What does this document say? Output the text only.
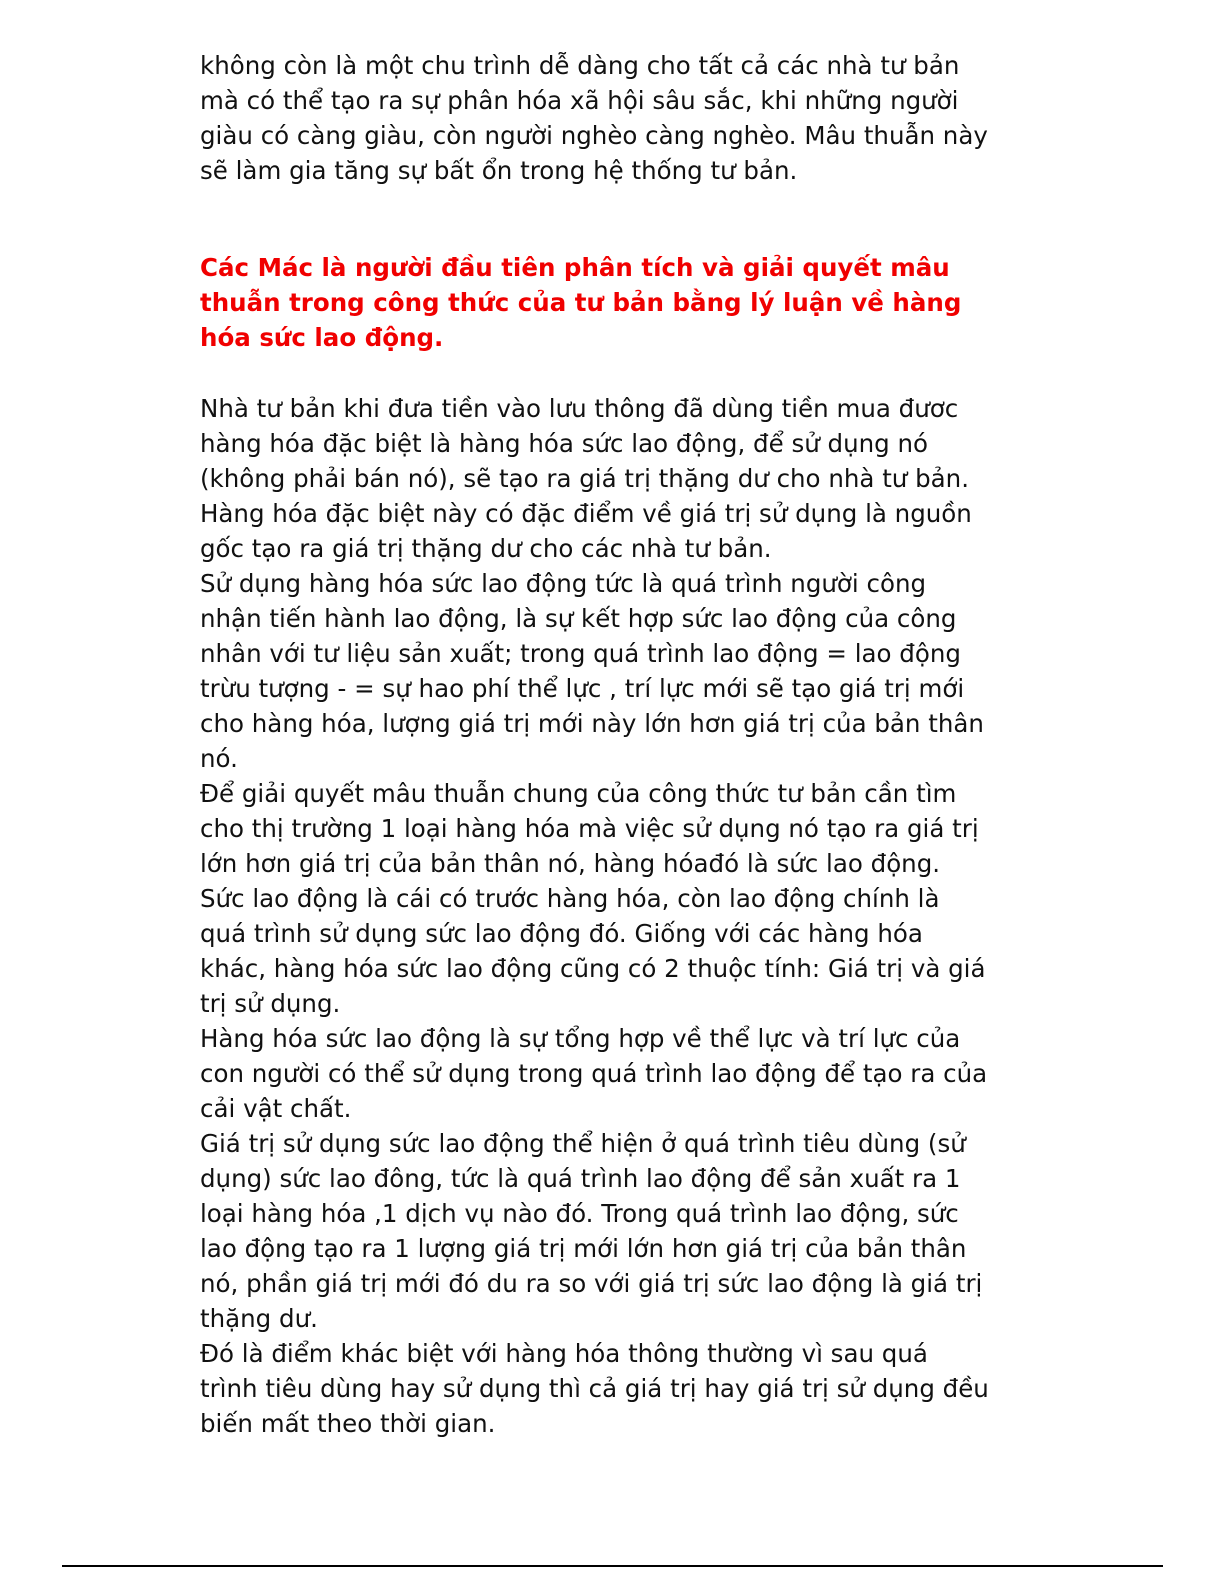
không còn là một chu trình dễ dàng cho tất cả các nhà tư bản
mà có thể tạo ra sự phân hóa xã hội sâu sắc, khi những người
giàu có càng giàu, còn người nghèo càng nghèo. Mâu thuẫn này
sẽ làm gia tăng sự bất ổn trong hệ thống tư bản.

Các Mác là người đầu tiên phân tích và giải quyết mâu
thuẫn trong công thức của tư bản bằng lý luận về hàng
hóa sức lao động.

Nhà tư bản khi đưa tiền vào lưu thông đã dùng tiền mua đươc
hàng hóa đặc biệt là hàng hóa sức lao động, để sử dụng nó
(không phải bán nó), sẽ tạo ra giá trị thặng dư cho nhà tư bản.
Hàng hóa đặc biệt này có đặc điểm về giá trị sử dụng là nguồn
gốc tạo ra giá trị thặng dư cho các nhà tư bản.
Sử dụng hàng hóa sức lao động tức là quá trình người công
nhận tiến hành lao động, là sự kết hợp sức lao động của công
nhân với tư liệu sản xuất; trong quá trình lao động = lao động
trừu tượng - = sự hao phí thể lực , trí lực mới sẽ tạo giá trị mới
cho hàng hóa, lượng giá trị mới này lớn hơn giá trị của bản thân
nó.
Để giải quyết mâu thuẫn chung của công thức tư bản cần tìm
cho thị trường 1 loại hàng hóa mà việc sử dụng nó tạo ra giá trị
lớn hơn giá trị của bản thân nó, hàng hóađó là sức lao động.
Sức lao động là cái có trước hàng hóa, còn lao động chính là
quá trình sử dụng sức lao động đó. Giống với các hàng hóa
khác, hàng hóa sức lao động cũng có 2 thuộc tính: Giá trị và giá
trị sử dụng.
Hàng hóa sức lao động là sự tổng hợp về thể lực và trí lực của
con người có thể sử dụng trong quá trình lao động để tạo ra của
cải vật chất.
Giá trị sử dụng sức lao động thể hiện ở quá trình tiêu dùng (sử
dụng) sức lao đông, tức là quá trình lao động để sản xuất ra 1
loại hàng hóa ,1 dịch vụ nào đó. Trong quá trình lao động, sức
lao động tạo ra 1 lượng giá trị mới lớn hơn giá trị của bản thân
nó, phần giá trị mới đó du ra so với giá trị sức lao động là giá trị
thặng dư.
Đó là điểm khác biệt với hàng hóa thông thường vì sau quá
trình tiêu dùng hay sử dụng thì cả giá trị hay giá trị sử dụng đều
biến mất theo thời gian.
